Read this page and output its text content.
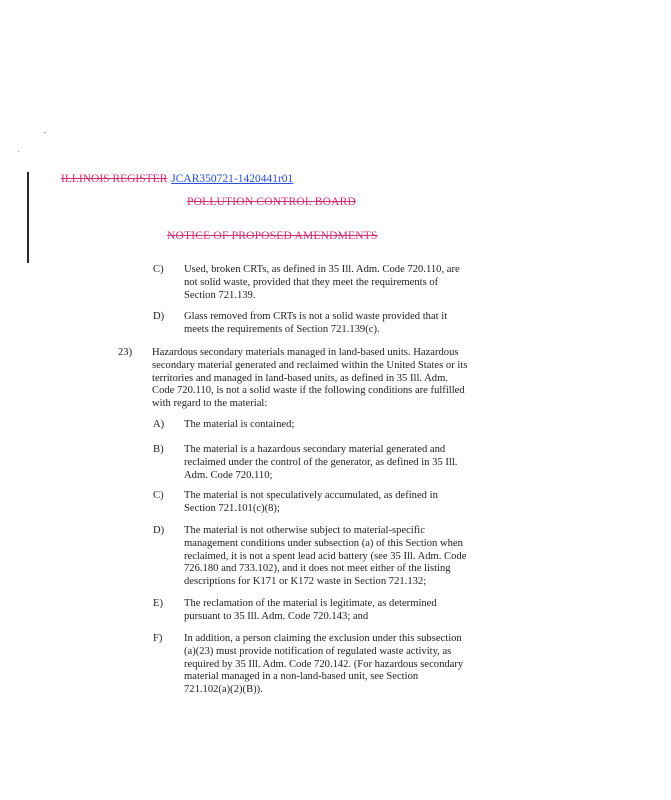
ILLINOIS REGISTER JCAR350721-1420441r01
POLLUTION CONTROL BOARD
NOTICE OF PROPOSED AMENDMENTS
C) Used, broken CRTs, as defined in 35 Ill. Adm. Code 720.110, are
not solid waste, provided that they meet the requirements of
Section 721.139.
D) Glass removed from CRTs is not a solid waste provided that it
meets the requirements of Section 721.139(c).
23) Hazardous secondary materials managed in land-based units. Hazardous
secondary material generated and reclaimed within the United States or its
territories and managed in land-based units, as defined in 35 Ill. Adm.
Code 720.110, is not a solid waste if the following conditions are fulfilled
with regard to the material:
A) The material is contained;
B) The material is a hazardous secondary material generated and
reclaimed under the control of the generator, as defined in 35 Ill.
Adm. Code 720.110;
C) The material is not speculatively accumulated, as defined in
Section 721.101(c)(8);
D) The material is not otherwise subject to material-specific
management conditions under subsection (a) of this Section when
reclaimed, it is not a spent lead acid battery (see 35 Ill. Adm. Code
726.180 and 733.102), and it does not meet either of the listing
descriptions for K171 or K172 waste in Section 721.132;
E) The reclamation of the material is legitimate, as determined
pursuant to 35 Ill. Adm. Code 720.143; and
F) In addition, a person claiming the exclusion under this subsection
(a)(23) must provide notification of regulated waste activity, as
required by 35 Ill. Adm. Code 720.142. (For hazardous secondary
material managed in a non-land-based unit, see Section
721.102(a)(2)(B)).
